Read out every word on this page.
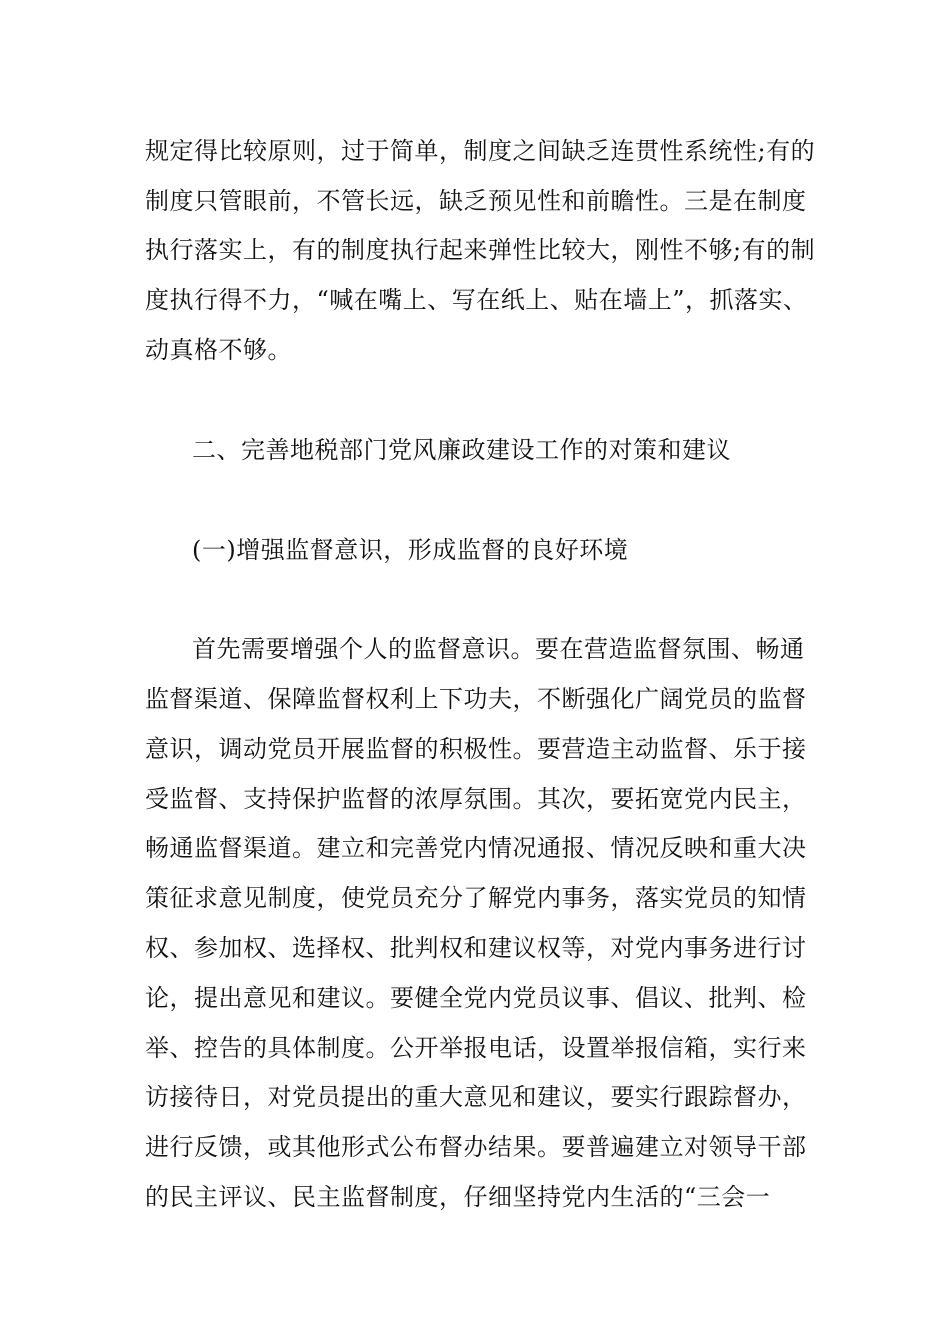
规定得比较原则，过于简单，制度之间缺乏连贯性系统性;有的
制度只管眼前，不管长远，缺乏预见性和前瞻性。三是在制度
执行落实上，有的制度执行起来弹性比较大，刚性不够;有的制
度执行得不力，“喊在嘴上、写在纸上、贴在墙上”，抓落实、
动真格不够。
二、完善地税部门党风廉政建设工作的对策和建议
(一)增强监督意识，形成监督的良好环境
首先需要增强个人的监督意识。要在营造监督氛围、畅通
监督渠道、保障监督权利上下功夫，不断强化广阔党员的监督
意识，调动党员开展监督的积极性。要营造主动监督、乐于接
受监督、支持保护监督的浓厚氛围。其次，要拓宽党内民主，
畅通监督渠道。建立和完善党内情况通报、情况反映和重大决
策征求意见制度，使党员充分了解党内事务，落实党员的知情
权、参加权、选择权、批判权和建议权等，对党内事务进行讨
论，提出意见和建议。要健全党内党员议事、倡议、批判、检
举、控告的具体制度。公开举报电话，设置举报信箱，实行来
访接待日，对党员提出的重大意见和建议，要实行跟踪督办，
进行反馈，或其他形式公布督办结果。要普遍建立对领导干部
的民主评议、民主监督制度，仔细坚持党内生活的“三会一
